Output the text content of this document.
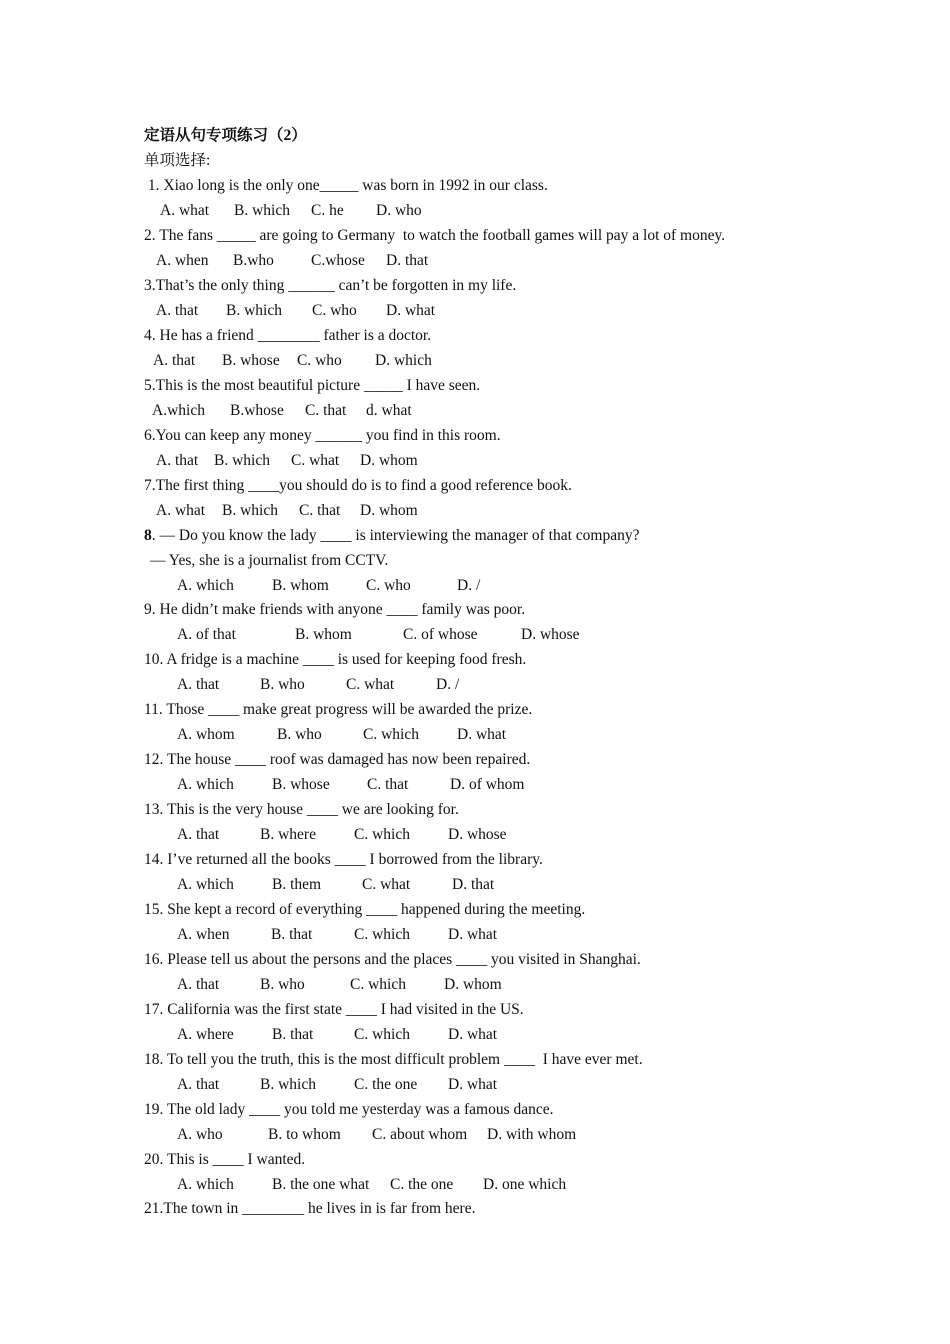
定语从句专项练习（2）
单项选择:
1. Xiao long is the only one_____ was born in 1992 in our class.
A. what B. which C. he D. who
2. The fans _____ are going to Germany  to watch the football games will pay a lot of money.
A. when B.who C.whose D. that
3.That’s the only thing ______ can’t be forgotten in my life.
A. that B. which C. who D. what
4. He has a friend ________ father is a doctor.
A. that B. whose C. who D. which
5.This is the most beautiful picture _____ I have seen.
A.which B.whose C. that d. what
6.You can keep any money ______ you find in this room.
A. that B. which C. what D. whom
7.The first thing ____you should do is to find a good reference book.
A. what B. which C. that D. whom
8. ― Do you know the lady ____ is interviewing the manager of that company?
― Yes, she is a journalist from CCTV.
A. which B. whom C. who	D. /
9. He didn’t make friends with anyone ____ family was poor.
A. of that	B. whom	C. of whose	D. whose
10. A fridge is a machine ____ is used for keeping food fresh.
A. that	B. who	C. what	D. /
11. Those ____ make great progress will be awarded the prize.
A. whom	B. who	C. which D. what
12. The house ____ roof was damaged has now been repaired.
A. which B. whose C. that	D. of whom
13. This is the very house ____ we are looking for.
A. that	B. where C. which D. whose
14. I’ve returned all the books ____ I borrowed from the library.
A. which B. them	C. what	D. that
15. She kept a record of everything ____ happened during the meeting.
A. when	B. that	C. which D. what
16. Please tell us about the persons and the places ____ you visited in Shanghai.
A. that	B. who	C. which D. whom
17. California was the first state ____ I had visited in the US.
A. where B. that	C. which D. what
18. To tell you the truth, this is the most difficult problem ____  I have ever met.
A. that	B. which C. the one D. what
19. The old lady ____ you told me yesterday was a famous dance.
A. who	B. to whom C. about whom D. with whom
20. This is ____ I wanted.
A. which B. the one what C. the one D. one which
21.The town in ________ he lives in is far from here.
